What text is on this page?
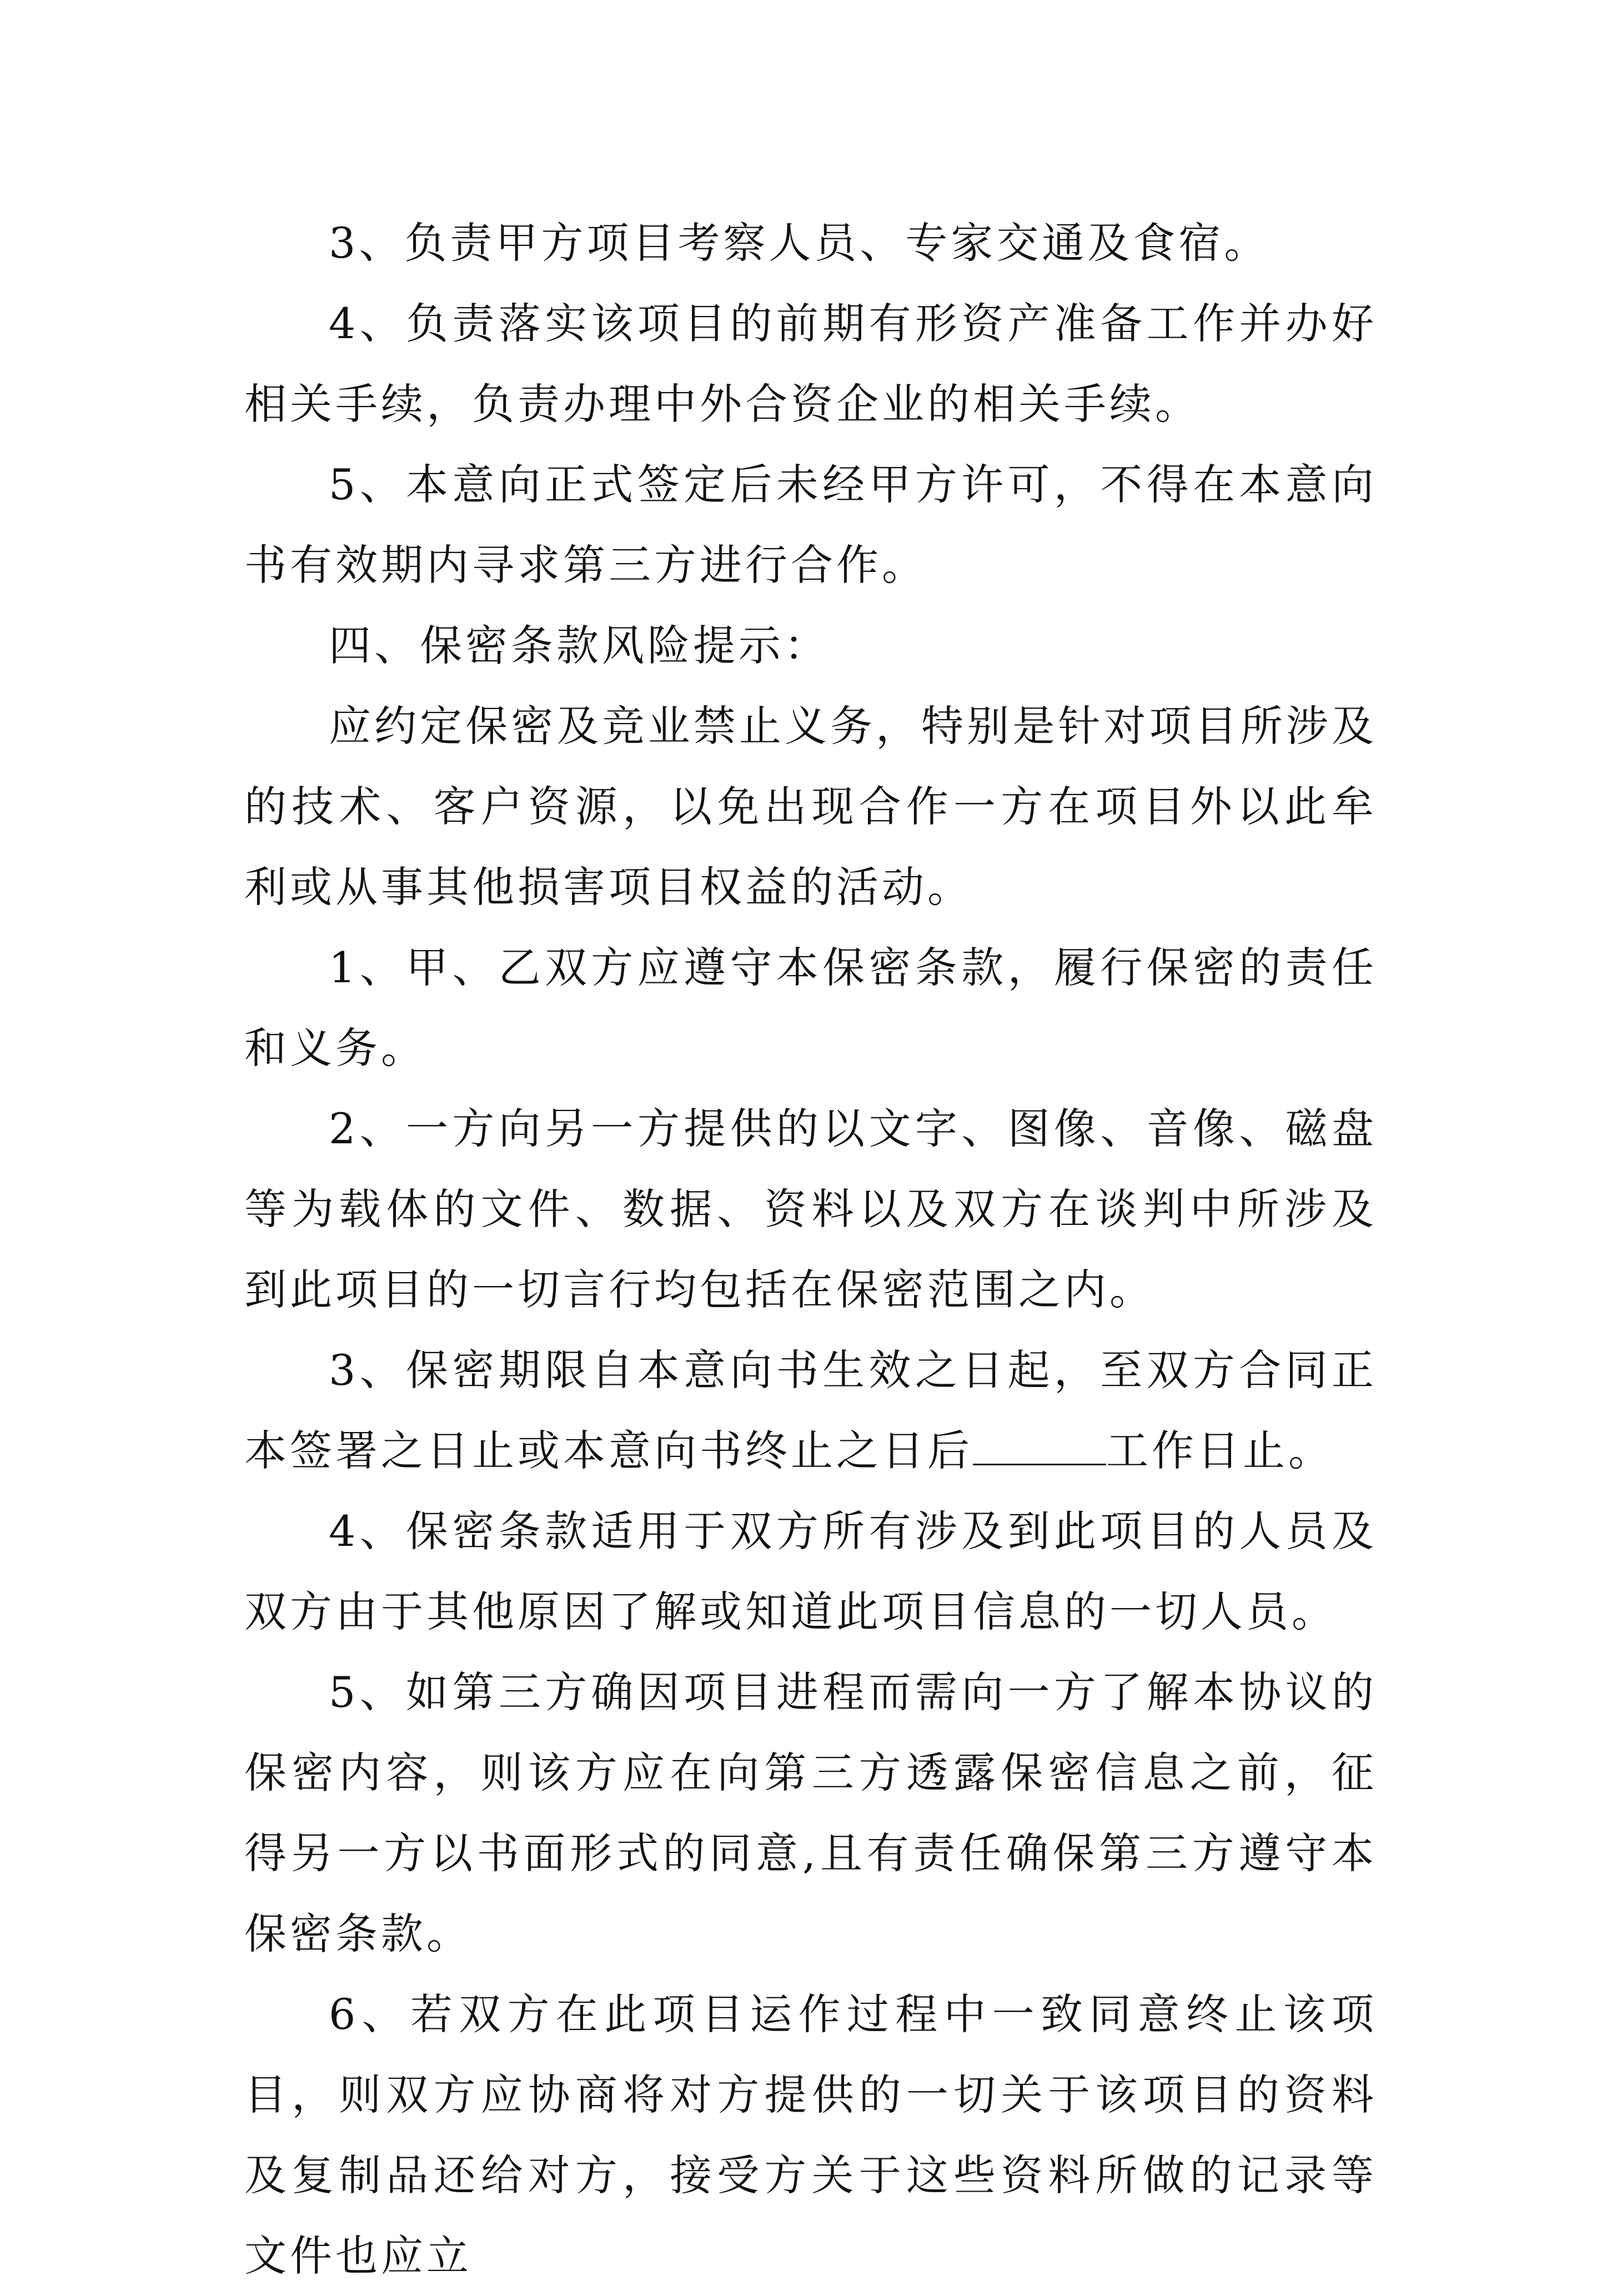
3、负责甲方项目考察人员、专家交通及食宿。

4、负责落实该项目的前期有形资产准备工作并办好相关手续，负责办理中外合资企业的相关手续。

5、本意向正式签定后未经甲方许可，不得在本意向书有效期内寻求第三方进行合作。

四、保密条款风险提示：

应约定保密及竞业禁止义务，特别是针对项目所涉及的技术、客户资源，以免出现合作一方在项目外以此牟利或从事其他损害项目权益的活动。

1、甲、乙双方应遵守本保密条款，履行保密的责任和义务。

2、一方向另一方提供的以文字、图像、音像、磁盘等为载体的文件、数据、资料以及双方在谈判中所涉及到此项目的一切言行均包括在保密范围之内。

3、保密期限自本意向书生效之日起，至双方合同正本签署之日止或本意向书终止之日后	工作日止。

4、保密条款适用于双方所有涉及到此项目的人员及双方由于其他原因了解或知道此项目信息的一切人员。

5、如第三方确因项目进程而需向一方了解本协议的保密内容，则该方应在向第三方透露保密信息之前，征得另一方以书面形式的同意,且有责任确保第三方遵守本保密条款。

6、若双方在此项目运作过程中一致同意终止该项目，则双方应协商将对方提供的一切关于该项目的资料及复制品还给对方，接受方关于这些资料所做的记录等文件也应立
